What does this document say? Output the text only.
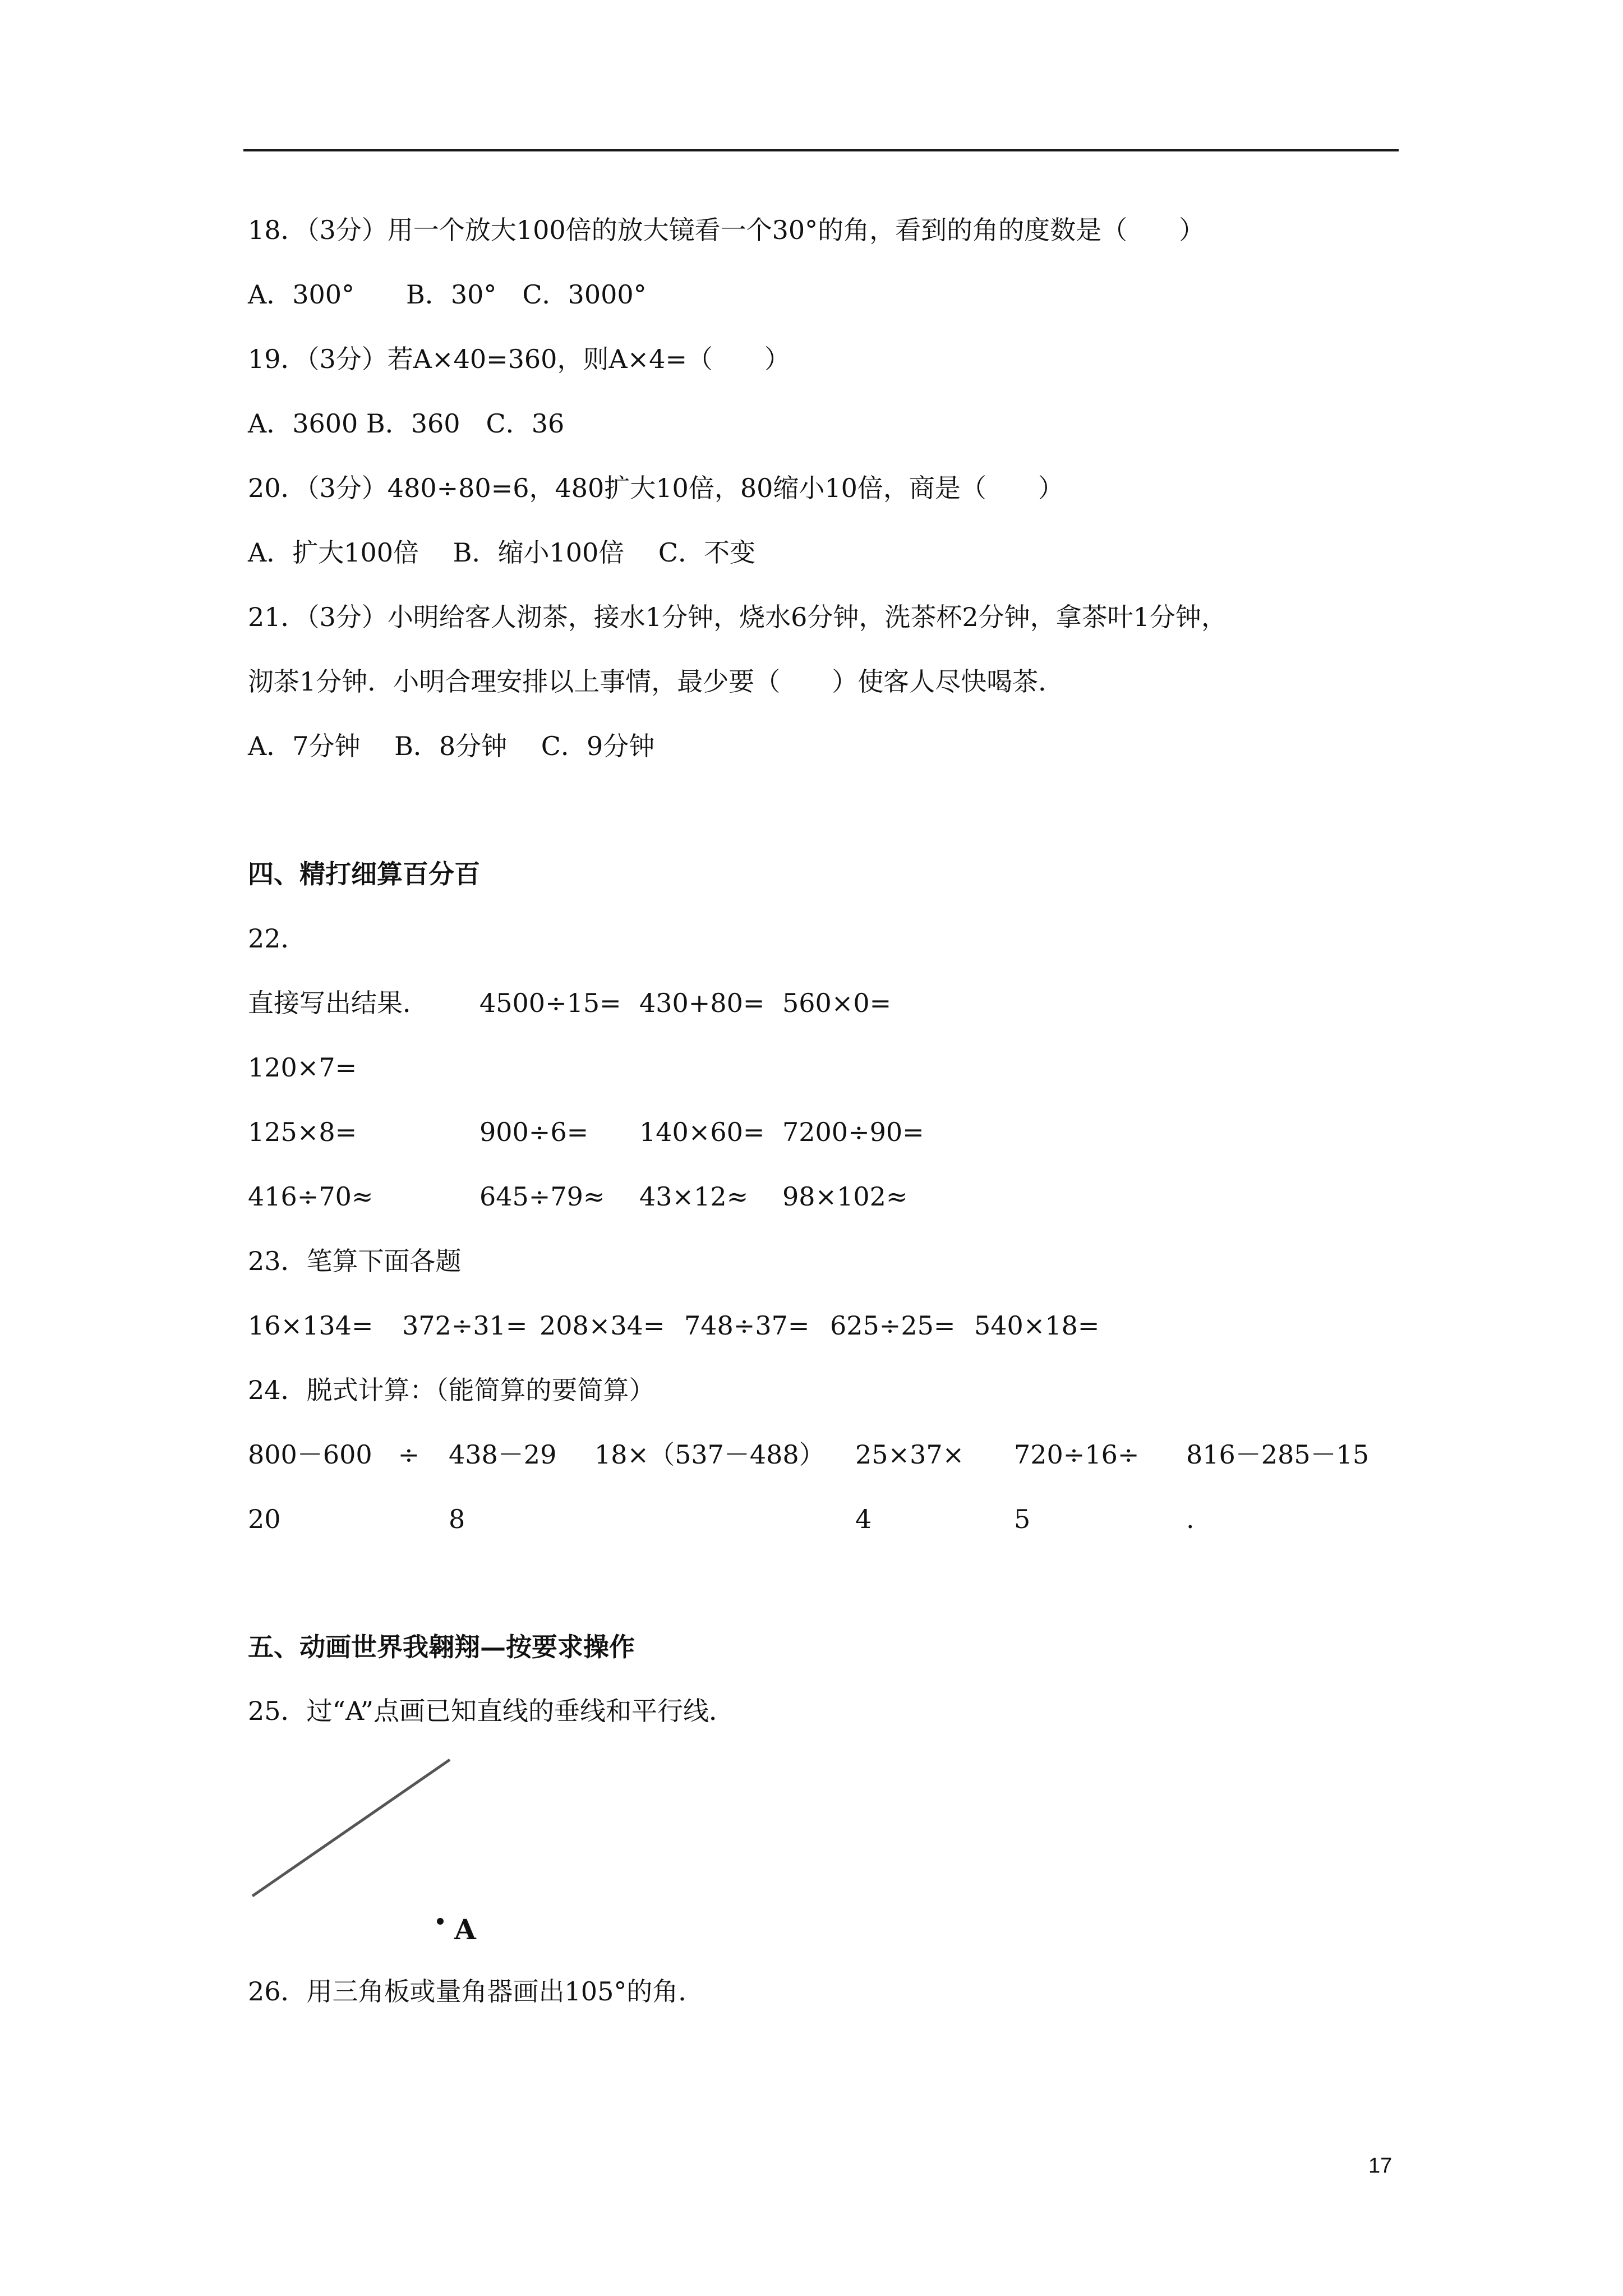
18．（3分）用一个放大100倍的放大镜看一个30°的角，看到的角的度数是（　　）
A．300°　　B．30°　C．3000°
19．（3分）若A×40=360，则A×4=（　　）
A．3600 B．360　C．36
20．（3分）480÷80=6，480扩大10倍，80缩小10倍，商是（　　）
A．扩大100倍　 B．缩小100倍　 C．不变
21．（3分）小明给客人沏茶，接水1分钟，烧水6分钟，洗茶杯2分钟，拿茶叶1分钟，
沏茶1分钟．小明合理安排以上事情，最少要（　　）使客人尽快喝茶．
A．7分钟　 B．8分钟　 C．9分钟
四、精打细算百分百
22．
直接写出结果． 4500÷15= 430+80= 560×0=
120×7=
125×8=	900÷6= 140×60= 7200÷90=
416÷70≈	645÷79≈ 43×12≈ 98×102≈
23．笔算下面各题
16×134= 372÷31= 208×34= 748÷37= 625÷25= 540×18=
24．脱式计算：（能简算的要简算）
800－600　÷ 438－29 18×（537－488） 25×37× 720÷16÷ 816－285－15
20	8	4	5	.
五、动画世界我翱翔—按要求操作
25．过“A”点画已知直线的垂线和平行线．
A
26．用三角板或量角器画出105°的角．
17
